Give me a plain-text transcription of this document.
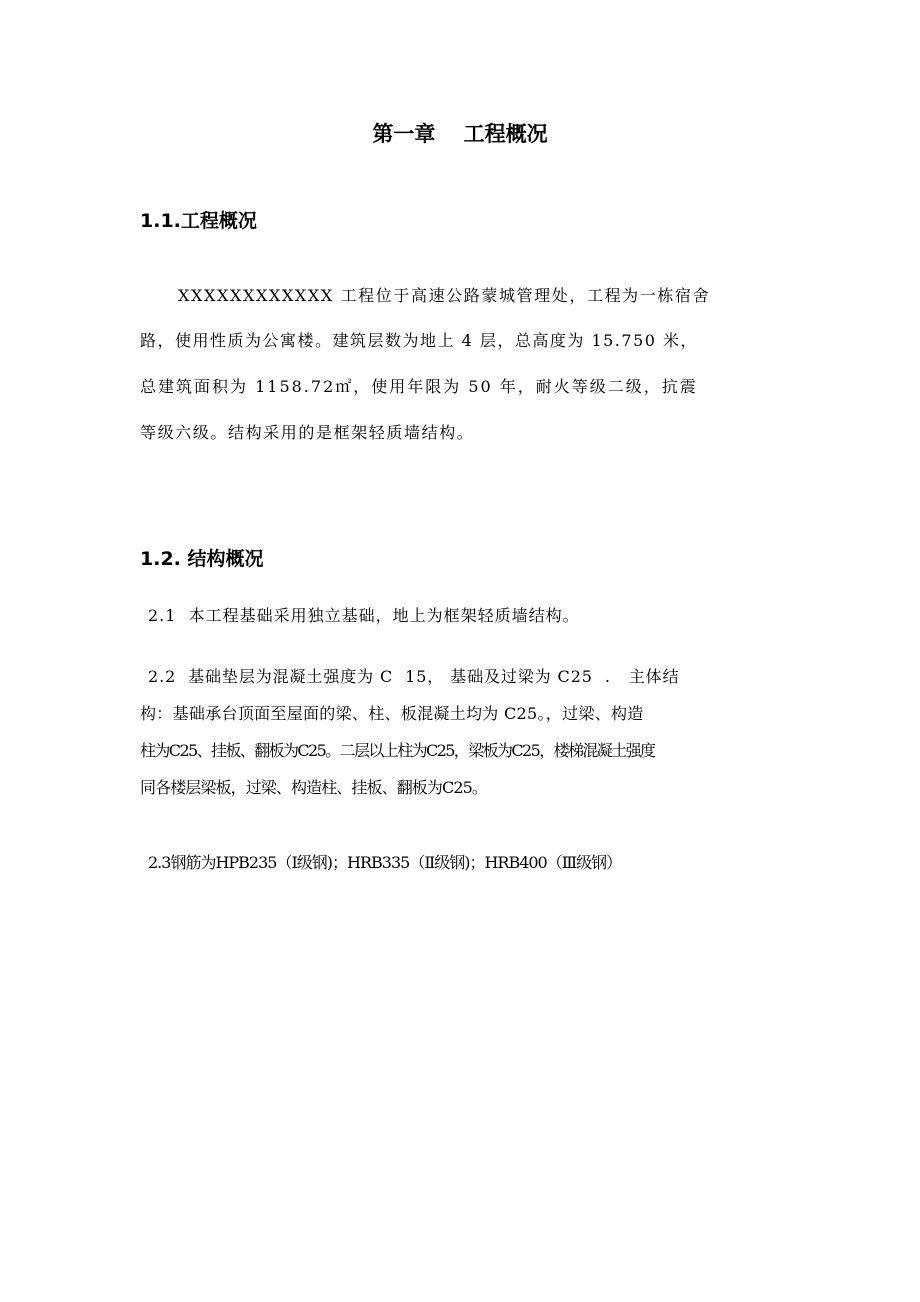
第一章　 工程概况
1.1.工程概况
XXXXXXXXXXXX 工程位于高速公路蒙城管理处，工程为一栋宿舍
路，使用性质为公寓楼。建筑层数为地上 4 层，总高度为 15.750 米，
总建筑面积为 1158.72㎡，使用年限为 50 年，耐火等级二级，抗震
等级六级。结构采用的是框架轻质墙结构。
1.2. 结构概况
2.1  本工程基础采用独立基础，地上为框架轻质墙结构。
2.2  基础垫层为混凝土强度为 C  15， 基础及过梁为 C25  .   主体结
构：基础承台顶面至屋面的梁、柱、板混凝土均为 C25。，过梁、构造
柱为C25、挂板、翻板为C25。二层以上柱为C25，梁板为C25，楼梯混凝土强度
同各楼层梁板，过梁、构造柱、挂板、翻板为C25。
2.3钢筋为HPB235（Ⅰ级钢)；HRB335（Ⅱ级钢)；HRB400（Ⅲ级钢）
